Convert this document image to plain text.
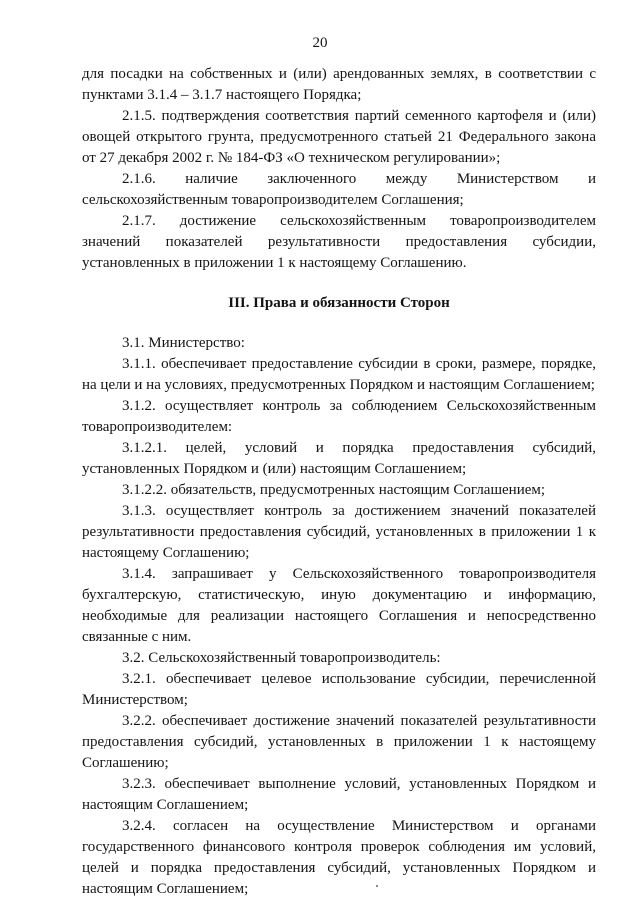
20

для посадки на собственных и (или) арендованных землях, в соответствии с пунктами 3.1.4 – 3.1.7 настоящего Порядка;

2.1.5. подтверждения соответствия партий семенного картофеля и (или) овощей открытого грунта, предусмотренного статьей 21 Федерального закона от 27 декабря 2002 г. № 184-ФЗ «О техническом регулировании»;

2.1.6. наличие заключенного между Министерством и сельскохозяйственным товаропроизводителем Соглашения;

2.1.7. достижение сельскохозяйственным товаропроизводителем значений показателей результативности предоставления субсидии, установленных в приложении 1 к настоящему Соглашению.

III. Права и обязанности Сторон

3.1. Министерство:

3.1.1. обеспечивает предоставление субсидии в сроки, размере, порядке, на цели и на условиях, предусмотренных Порядком и настоящим Соглашением;

3.1.2. осуществляет контроль за соблюдением Сельскохозяйственным товаропроизводителем:

3.1.2.1. целей, условий и порядка предоставления субсидий, установленных Порядком и (или) настоящим Соглашением;

3.1.2.2. обязательств, предусмотренных настоящим Соглашением;

3.1.3. осуществляет контроль за достижением значений показателей результативности предоставления субсидий, установленных в приложении 1 к настоящему Соглашению;

3.1.4. запрашивает у Сельскохозяйственного товаропроизводителя бухгалтерскую, статистическую, иную документацию и информацию, необходимые для реализации настоящего Соглашения и непосредственно связанные с ним.

3.2. Сельскохозяйственный товаропроизводитель:

3.2.1. обеспечивает целевое использование субсидии, перечисленной Министерством;

3.2.2. обеспечивает достижение значений показателей результативности предоставления субсидий, установленных в приложении 1 к настоящему Соглашению;

3.2.3. обеспечивает выполнение условий, установленных Порядком и настоящим Соглашением;

3.2.4. согласен на осуществление Министерством и органами государственного финансового контроля проверок соблюдения им условий, целей и порядка предоставления субсидий, установленных Порядком и настоящим Соглашением;
